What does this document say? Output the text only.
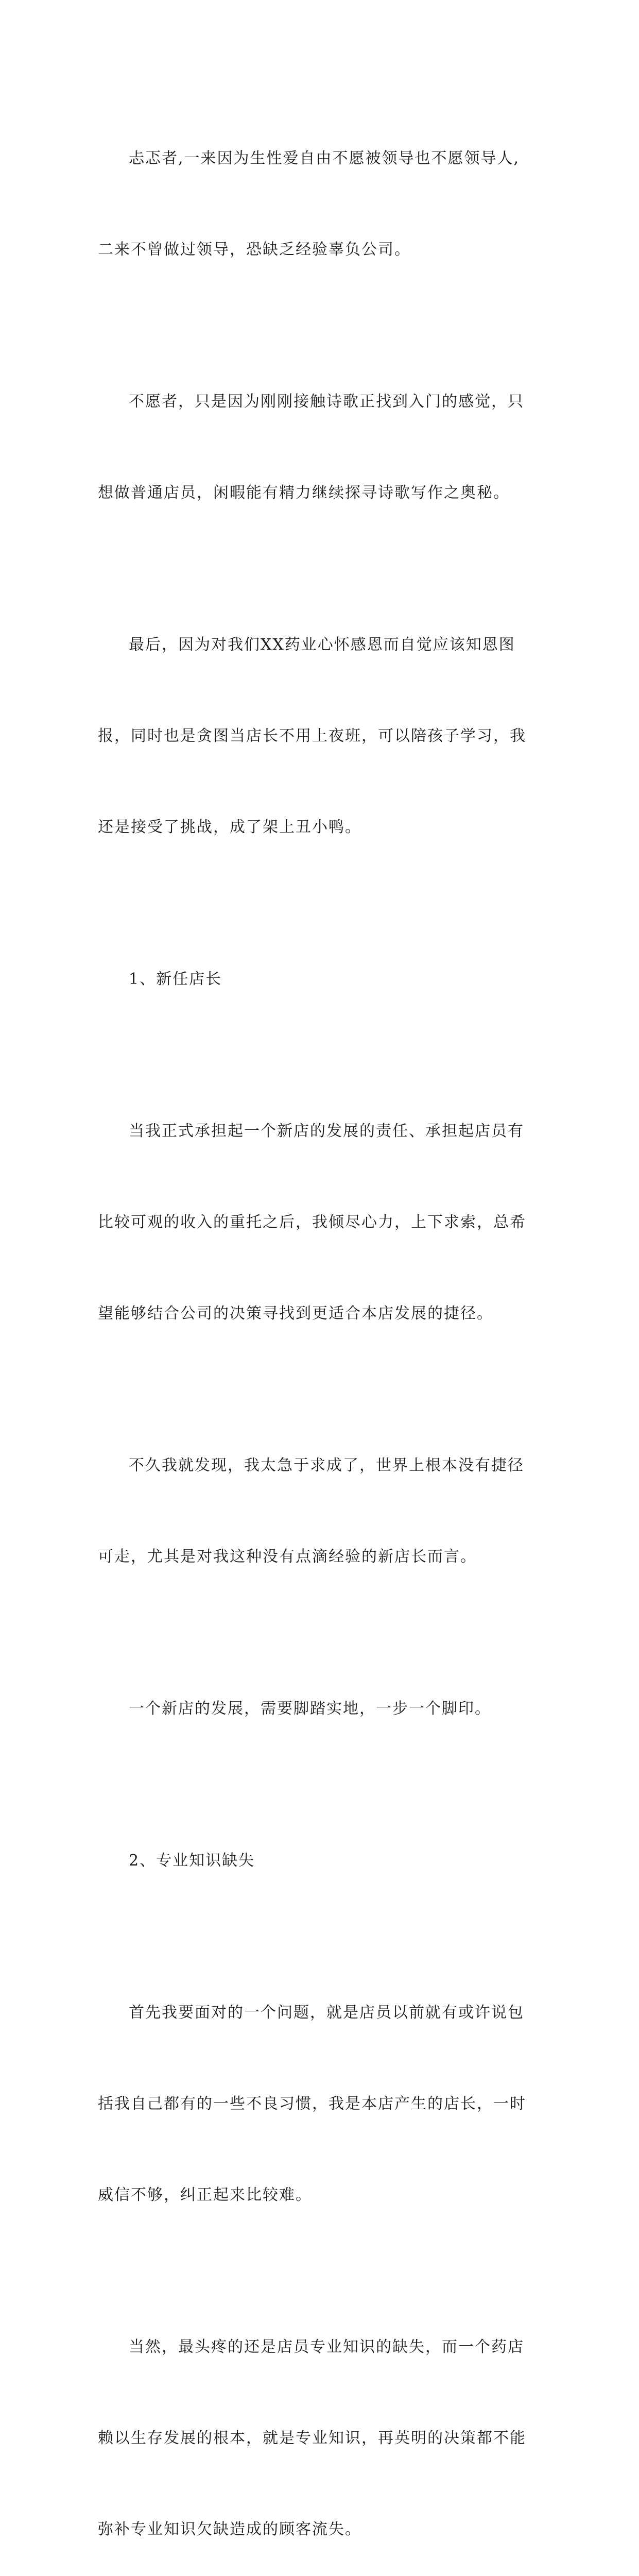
忐忑者,一来因为生性爱自由不愿被领导也不愿领导人,

二来不曾做过领导，恐缺乏经验辜负公司。

不愿者，只是因为刚刚接触诗歌正找到入门的感觉，只

想做普通店员，闲暇能有精力继续探寻诗歌写作之奥秘。

最后，因为对我们XX药业心怀感恩而自觉应该知恩图

报，同时也是贪图当店长不用上夜班，可以陪孩子学习，我

还是接受了挑战，成了架上丑小鸭。

1、新任店长

当我正式承担起一个新店的发展的责任、承担起店员有

比较可观的收入的重托之后，我倾尽心力，上下求索，总希

望能够结合公司的决策寻找到更适合本店发展的捷径。

不久我就发现，我太急于求成了，世界上根本没有捷径

可走，尤其是对我这种没有点滴经验的新店长而言。

一个新店的发展，需要脚踏实地，一步一个脚印。

2、专业知识缺失

首先我要面对的一个问题，就是店员以前就有或许说包

括我自己都有的一些不良习惯，我是本店产生的店长，一时

威信不够，纠正起来比较难。

当然，最头疼的还是店员专业知识的缺失，而一个药店

赖以生存发展的根本，就是专业知识，再英明的决策都不能

弥补专业知识欠缺造成的顾客流失。
